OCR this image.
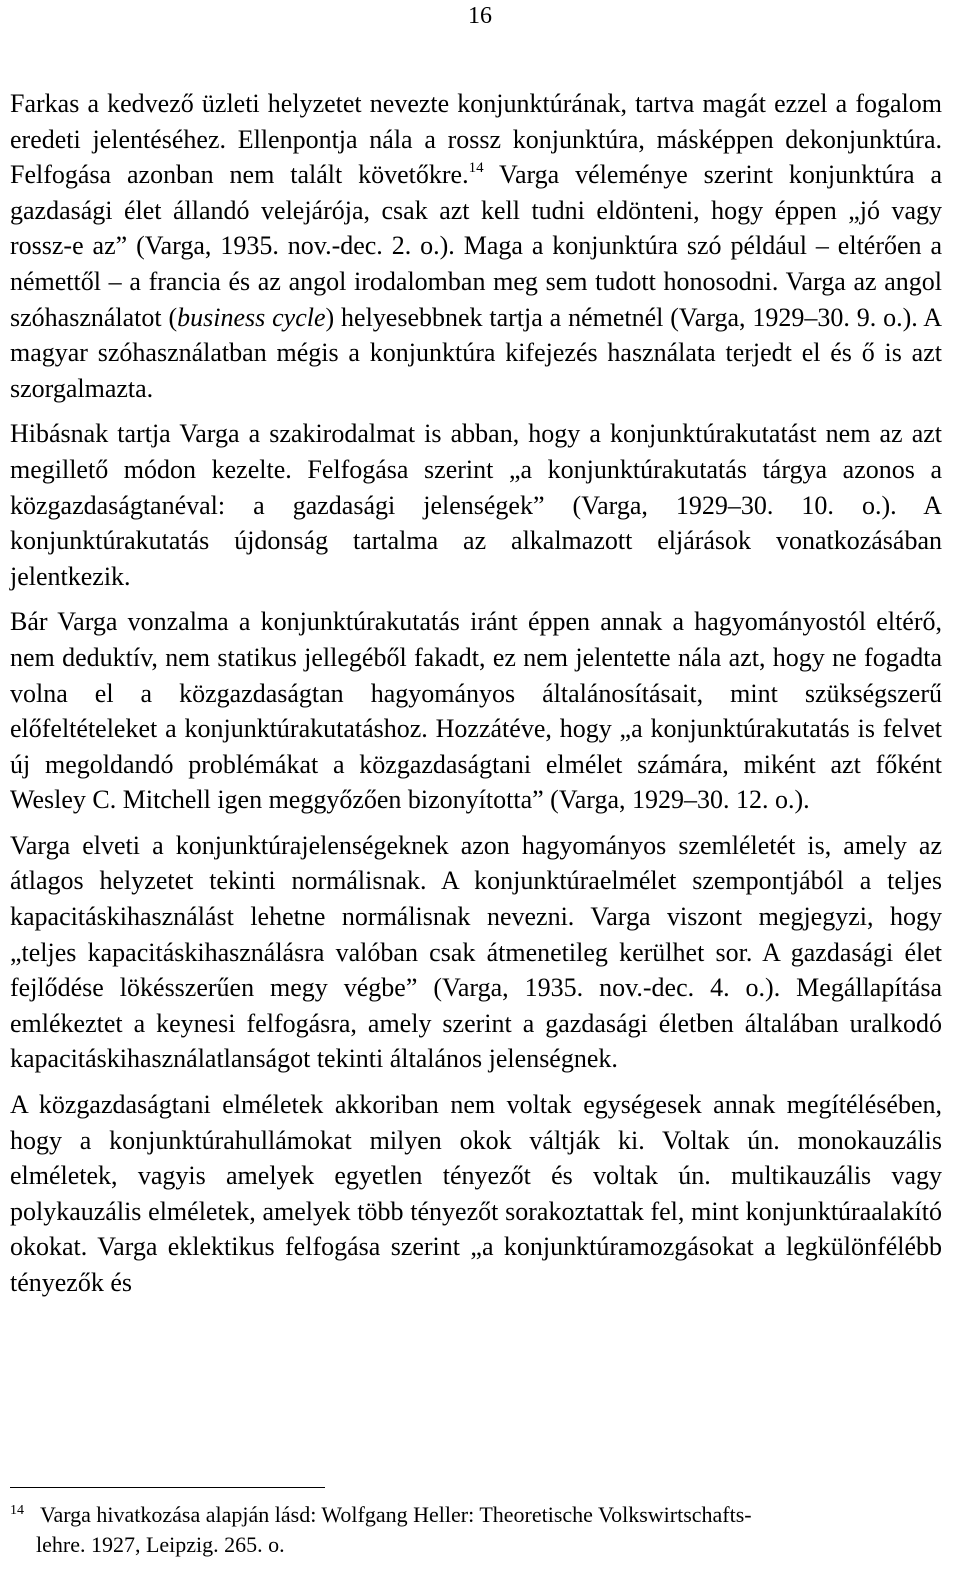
16

Farkas a kedvező üzleti helyzetet nevezte konjunktúrának, tartva magát ezzel a fogalom eredeti jelentéséhez. Ellenpontja nála a rossz konjunktúra, másképpen dekonjunktúra. Felfogása azonban nem talált követőkre.$^{14}$ Varga véleménye szerint konjunktúra a gazdasági élet állandó velejárója, csak azt kell tudni eldönteni, hogy éppen „jó vagy rossz-e az” (Varga, 1935. nov.-dec. 2. o.). Maga a konjunktúra szó például – eltérően a némettől – a francia és az angol irodalomban meg sem tudott honosodni. Varga az angol szóhasználatot (business cycle) helyesebbnek tartja a németnél (Varga, 1929–30. 9. o.). A magyar szóhasználatban mégis a konjunktúra kifejezés használata terjedt el és ő is azt szorgalmazta.

Hibásnak tartja Varga a szakirodalmat is abban, hogy a konjunktúrakutatást nem az azt megillető módon kezelte. Felfogása szerint „a konjunktúrakutatás tárgya azonos a közgazdaságtanéval: a gazdasági jelenségek” (Varga, 1929–30. 10. o.). A konjunktúrakutatás újdonság tartalma az alkalmazott eljárások vonatkozásában jelentkezik.

Bár Varga vonzalma a konjunktúrakutatás iránt éppen annak a hagyományostól eltérő, nem deduktív, nem statikus jellegéből fakadt, ez nem jelentette nála azt, hogy ne fogadta volna el a közgazdaságtan hagyományos általánosításait, mint szükségszerű előfeltételeket a konjunktúrakutatáshoz. Hozzátéve, hogy „a konjunktúrakutatás is felvet új megoldandó problémákat a közgazdaságtani elmélet számára, miként azt főként Wesley C. Mitchell igen meggyőzően bizonyította” (Varga, 1929–30. 12. o.).

Varga elveti a konjunktúrajelenségeknek azon hagyományos szemléletét is, amely az átlagos helyzetet tekinti normálisnak. A konjunktúraelmélet szempontjából a teljes kapacitáskihasználást lehetne normálisnak nevezni. Varga viszont megjegyzi, hogy „teljes kapacitáskihasználásra valóban csak átmenetileg kerülhet sor. A gazdasági élet fejlődése lökésszerűen megy végbe” (Varga, 1935. nov.-dec. 4. o.). Megállapítása emlékeztet a keynesi felfogásra, amely szerint a gazdasági életben általában uralkodó kapacitáskihasználatlanságot tekinti általános jelenségnek.

A közgazdaságtani elméletek akkoriban nem voltak egységesek annak megítélésében, hogy a konjunktúrahullámokat milyen okok váltják ki. Voltak ún. monokauzális elméletek, vagyis amelyek egyetlen tényezőt és voltak ún. multikauzális vagy polykauzális elméletek, amelyek több tényezőt sorakoztattak fel, mint konjunktúraalakító okokat. Varga eklektikus felfogása szerint „a konjunktúramozgásokat a legkülönfélébb tényezők és

$^{14}$ Varga hivatkozása alapján lásd: Wolfgang Heller: Theoretische Volkswirtschafts-
lehre. 1927, Leipzig. 265. o.
